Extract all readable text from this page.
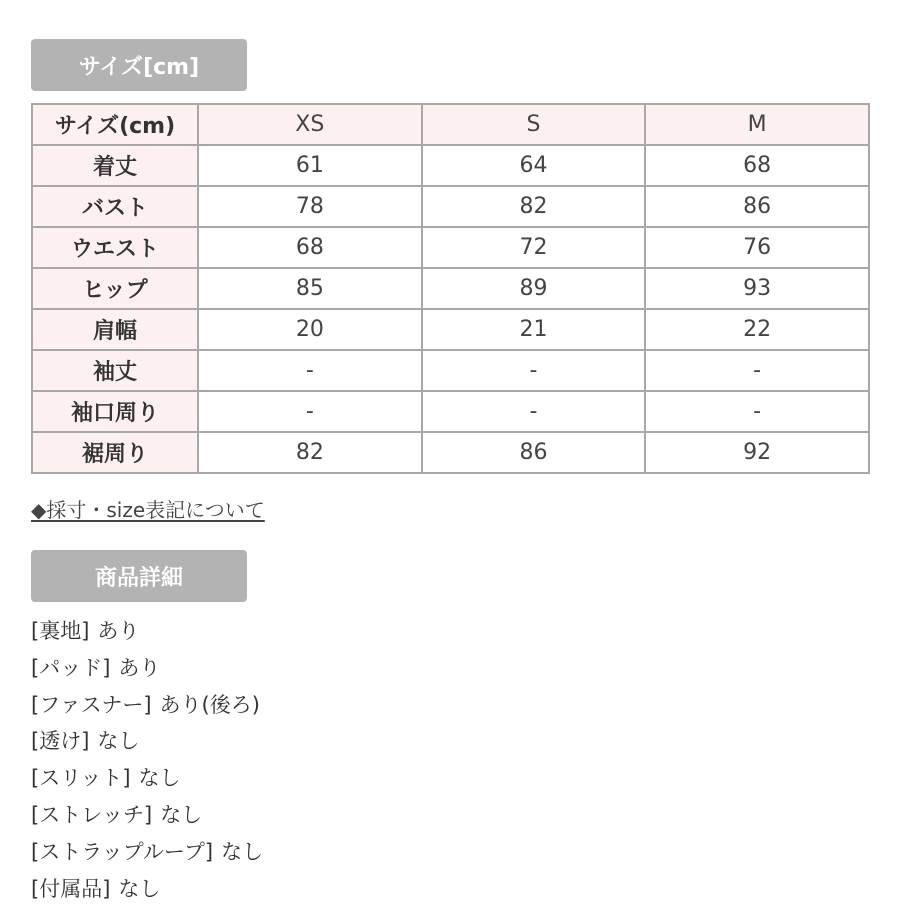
サイズ[cm]
サイズ(cm)	XS	S	M
着丈	61	64	68
バスト	78	82	86
ウエスト	68	72	76
ヒップ	85	89	93
肩幅	20	21	22
袖丈	-	-	-
袖口周り	-	-	-
裾周り	82	86	92
◆採寸・size表記について
商品詳細
[裏地] あり
[パッド] あり
[ファスナー] あり(後ろ)
[透け] なし
[スリット] なし
[ストレッチ] なし
[ストラップループ] なし
[付属品] なし
